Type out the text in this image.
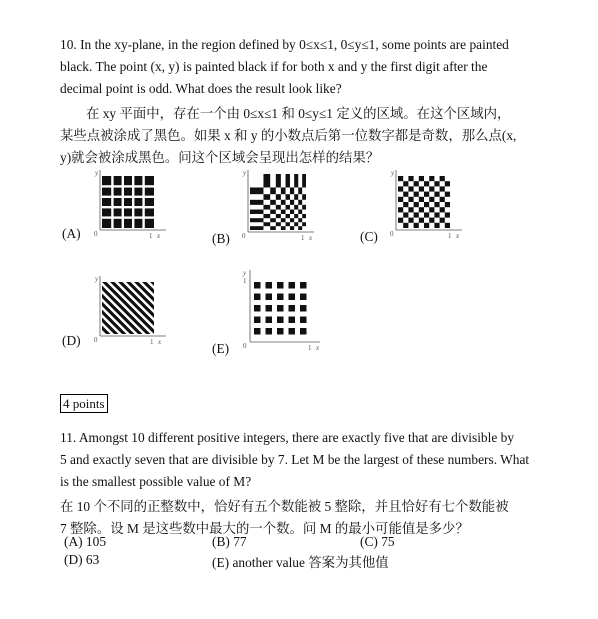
10. In the xy-plane, in the region defined by 0≤x≤1, 0≤y≤1, some points are painted
black. The point (x, y) is painted black if for both x and y the first digit after the
decimal point is odd. What does the result look like?
在 xy 平面中，存在一个由 0≤x≤1 和 0≤y≤1 定义的区域。在这个区域内，
某些点被涂成了黑色。如果 x 和 y 的小数点后第一位数字都是奇数，那么点(x,
y)就会被涂成黑色。问这个区域会呈现出怎样的结果？
(A)	(B)	(C)
(D)
(E)
0	1 x
y
0	1 x
y
0	1 x
y
0	1 x
y
0	1 x
y
1
4 points
11. Amongst 10 different positive integers, there are exactly five that are divisible by
5 and exactly seven that are divisible by 7. Let M be the largest of these numbers. What
is the smallest possible value of M?
在 10 个不同的正整数中，恰好有五个数能被 5 整除，并且恰好有七个数能被
7 整除。设 M 是这些数中最大的一个数。问 M 的最小可能值是多少？
(A) 105	(B) 77	(C) 75
(D) 63	(E) another value 答案为其他值
